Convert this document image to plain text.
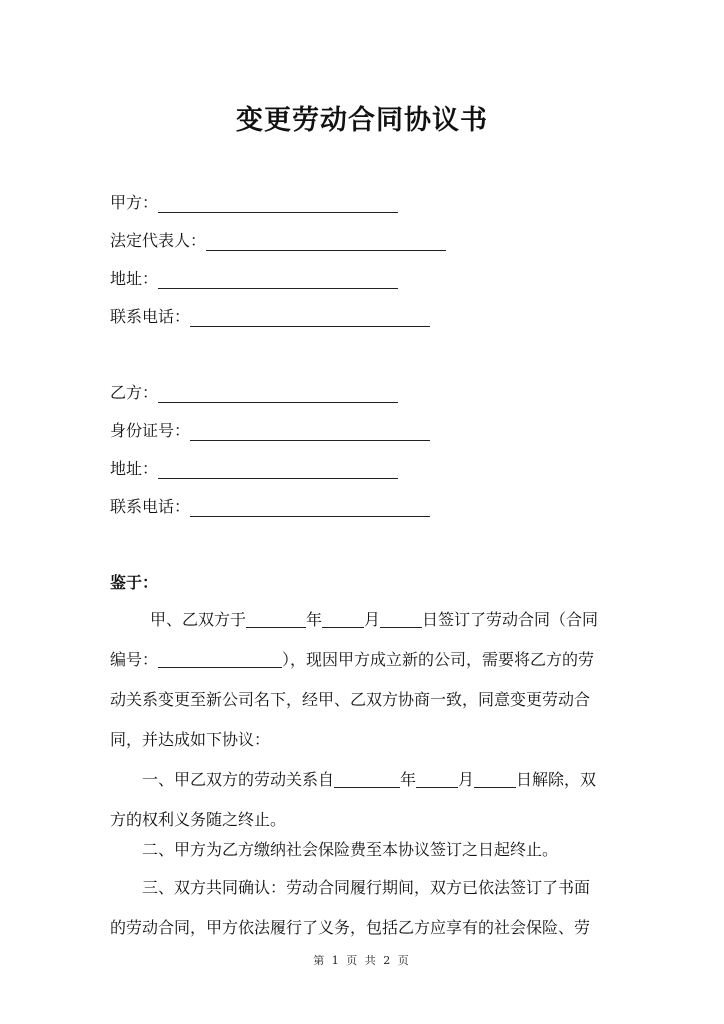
变更劳动合同协议书
甲方：
法定代表人：
地址：
联系电话：
乙方：
身份证号：
地址：
联系电话：
鉴于：
甲、乙双方于	年	月	日签订了劳动合同（合同
编号：	），现因甲方成立新的公司，需要将乙方的劳
动关系变更至新公司名下，经甲、乙双方协商一致，同意变更劳动合
同，并达成如下协议：
一、甲乙双方的劳动关系自	年	月	日解除，双
方的权利义务随之终止。
二、甲方为乙方缴纳社会保险费至本协议签订之日起终止。
三、双方共同确认：劳动合同履行期间，双方已依法签订了书面
的劳动合同，甲方依法履行了义务，包括乙方应享有的社会保险、劳
第 1 页 共 2 页
